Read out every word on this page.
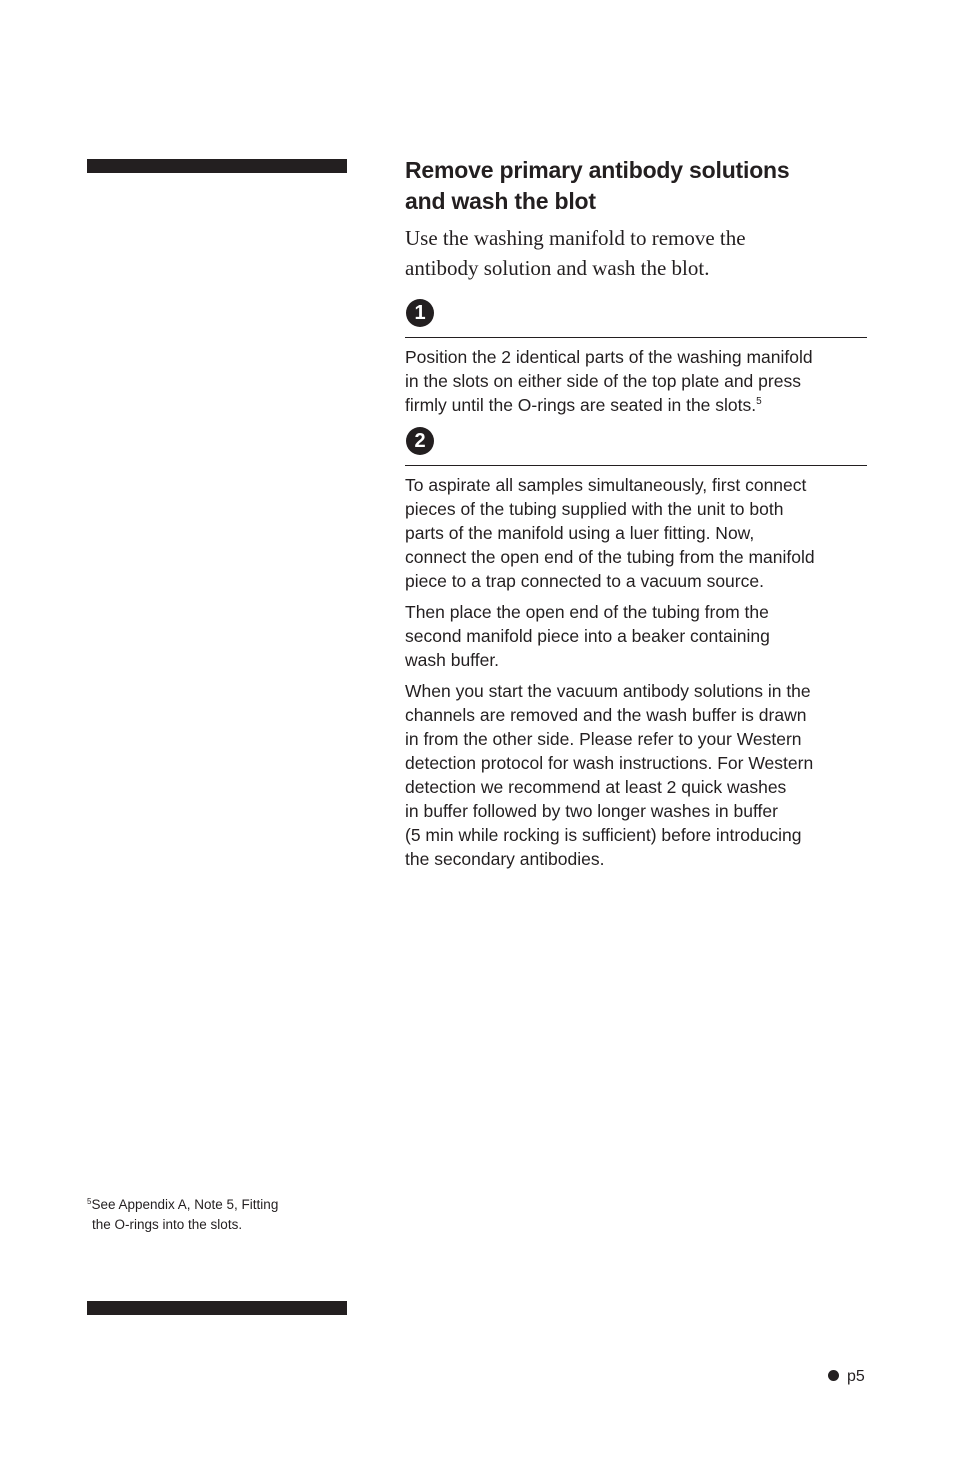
Remove primary antibody solutions
and wash the blot

Use the washing manifold to remove the
antibody solution and wash the blot.

1

Position the 2 identical parts of the washing manifold
in the slots on either side of the top plate and press
firmly until the O-rings are seated in the slots.$^5$

2

To aspirate all samples simultaneously, first connect
pieces of the tubing supplied with the unit to both
parts of the manifold using a luer fitting. Now,
connect the open end of the tubing from the manifold
piece to a trap connected to a vacuum source.

Then place the open end of the tubing from the
second manifold piece into a beaker containing
wash buffer.

When you start the vacuum antibody solutions in the
channels are removed and the wash buffer is drawn
in from the other side. Please refer to your Western
detection protocol for wash instructions. For Western
detection we recommend at least 2 quick washes
in buffer followed by two longer washes in buffer
(5 min while rocking is sufficient) before introducing
the secondary antibodies.

$^5$See Appendix A, Note 5, Fitting
the O-rings into the slots.
p5
